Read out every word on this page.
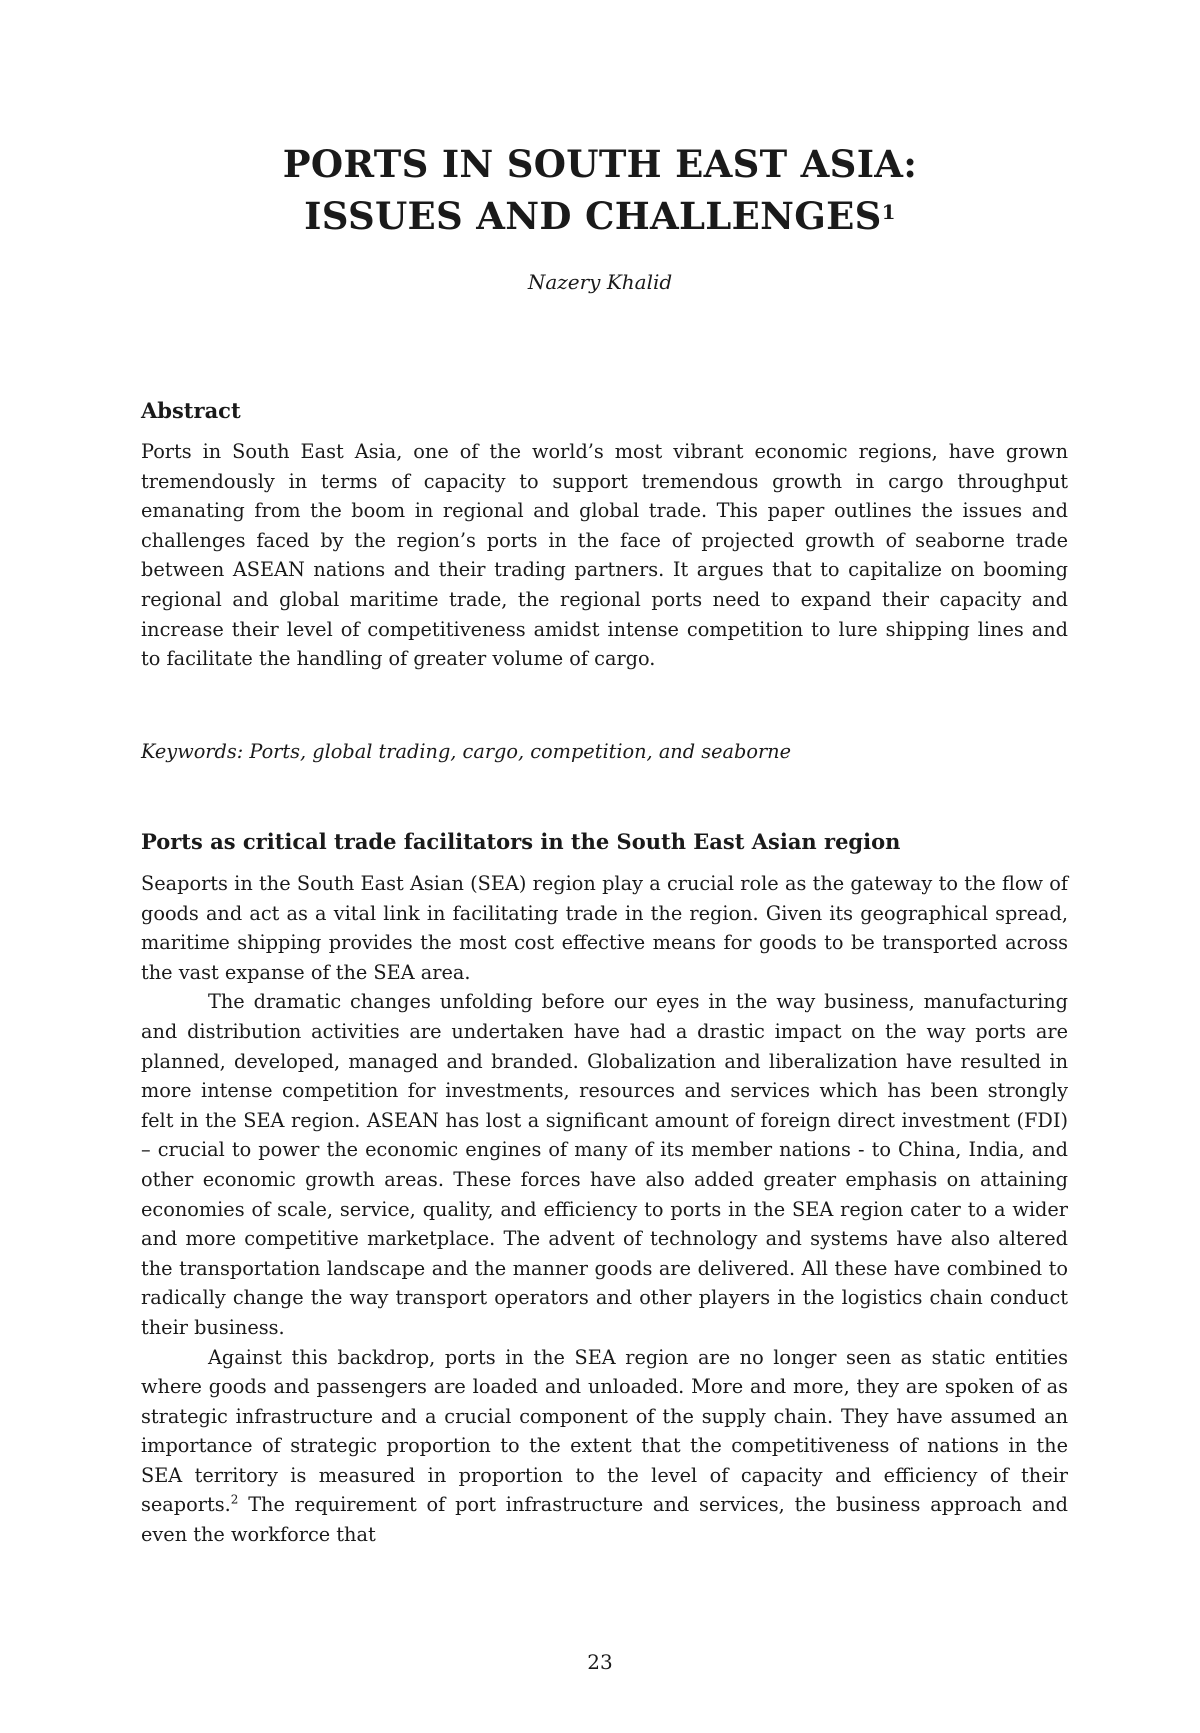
PORTS IN SOUTH EAST ASIA:
ISSUES AND CHALLENGES$^1$

Nazery Khalid

Abstract

Ports in South East Asia, one of the world’s most vibrant economic regions, have grown tremendously in terms of capacity to support tremendous growth in cargo throughput emanating from the boom in regional and global trade. This paper outlines the issues and challenges faced by the region’s ports in the face of projected growth of seaborne trade between ASEAN nations and their trading partners. It argues that to capitalize on booming regional and global maritime trade, the regional ports need to expand their capacity and increase their level of competitiveness amidst intense competition to lure shipping lines and to facilitate the handling of greater volume of cargo.

Keywords: Ports, global trading, cargo, competition, and seaborne

Ports as critical trade facilitators in the South East Asian region

Seaports in the South East Asian (SEA) region play a crucial role as the gateway to the flow of goods and act as a vital link in facilitating trade in the region. Given its geographical spread, maritime shipping provides the most cost effective means for goods to be transported across the vast expanse of the SEA area.

The dramatic changes unfolding before our eyes in the way business, manufacturing and distribution activities are undertaken have had a drastic impact on the way ports are planned, developed, managed and branded. Globalization and liberalization have resulted in more intense competition for investments, resources and services which has been strongly felt in the SEA region. ASEAN has lost a significant amount of foreign direct investment (FDI) – crucial to power the economic engines of many of its member nations - to China, India, and other economic growth areas. These forces have also added greater emphasis on attaining economies of scale, service, quality, and efficiency to ports in the SEA region cater to a wider and more competitive marketplace. The advent of technology and systems have also altered the transportation landscape and the manner goods are delivered. All these have combined to radically change the way transport operators and other players in the logistics chain conduct their business.

Against this backdrop, ports in the SEA region are no longer seen as static entities where goods and passengers are loaded and unloaded. More and more, they are spoken of as strategic infrastructure and a crucial component of the supply chain. They have assumed an importance of strategic proportion to the extent that the competitiveness of nations in the SEA territory is measured in proportion to the level of capacity and efficiency of their seaports.$^2$ The requirement of port infrastructure and services, the business approach and even the workforce that

23
